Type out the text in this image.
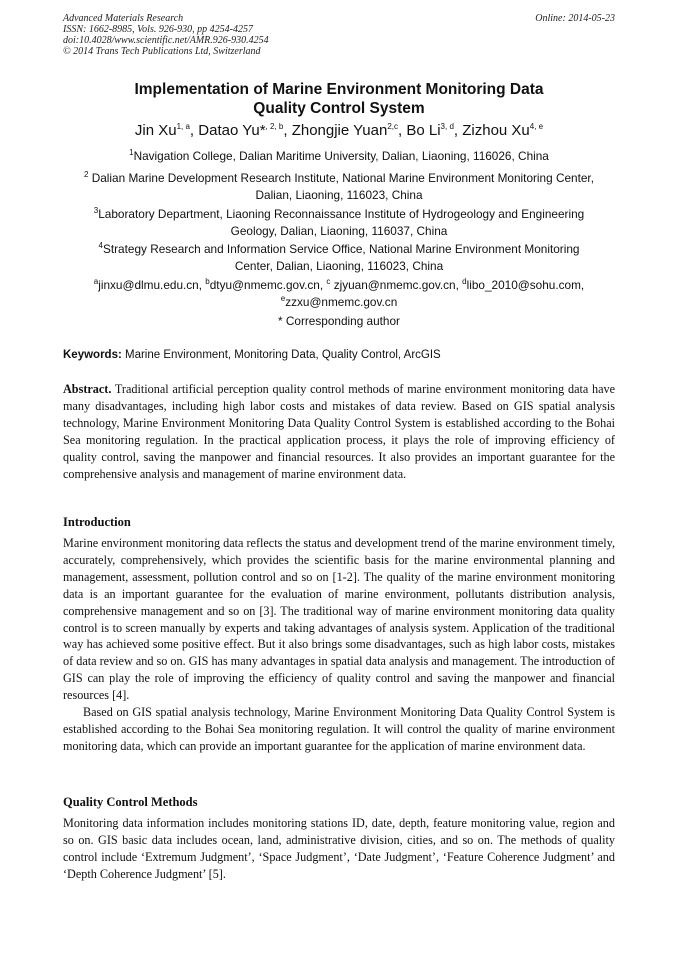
Advanced Materials Research
ISSN: 1662-8985, Vols. 926-930, pp 4254-4257
doi:10.4028/www.scientific.net/AMR.926-930.4254
© 2014 Trans Tech Publications Ltd, Switzerland
Online: 2014-05-23
Implementation of Marine Environment Monitoring Data
Quality Control System
Jin Xu$^{1, a}$, Datao Yu*$^{, 2, b}$, Zhongjie Yuan$^{2,c}$, Bo Li$^{3, d}$, Zizhou Xu$^{4, e}$
$^1$Navigation College, Dalian Maritime University, Dalian, Liaoning, 116026, China
$^2$ Dalian Marine Development Research Institute, National Marine Environment Monitoring Center,
Dalian, Liaoning, 116023, China
$^3$Laboratory Department, Liaoning Reconnaissance Institute of Hydrogeology and Engineering
Geology, Dalian, Liaoning, 116037, China
$^4$Strategy Research and Information Service Office, National Marine Environment Monitoring
Center, Dalian, Liaoning, 116023, China
$^a$jinxu@dlmu.edu.cn, $^b$dtyu@nmemc.gov.cn, $^c$ zjyuan@nmemc.gov.cn, $^d$libo_2010@sohu.com,
$^e$zzxu@nmemc.gov.cn
* Corresponding author
Keywords: Marine Environment, Monitoring Data, Quality Control, ArcGIS
Abstract. Traditional artificial perception quality control methods of marine environment monitoring data have many disadvantages, including high labor costs and mistakes of data review. Based on GIS spatial analysis technology, Marine Environment Monitoring Data Quality Control System is established according to the Bohai Sea monitoring regulation. In the practical application process, it plays the role of improving efficiency of quality control, saving the manpower and financial resources. It also provides an important guarantee for the comprehensive analysis and management of marine environment data.
Introduction
Marine environment monitoring data reflects the status and development trend of the marine environment timely, accurately, comprehensively, which provides the scientific basis for the marine environmental planning and management, assessment, pollution control and so on [1-2]. The quality of the marine environment monitoring data is an important guarantee for the evaluation of marine environment, pollutants distribution analysis, comprehensive management and so on [3]. The traditional way of marine environment monitoring data quality control is to screen manually by experts and taking advantages of analysis system. Application of the traditional way has achieved some positive effect. But it also brings some disadvantages, such as high labor costs, mistakes of data review and so on. GIS has many advantages in spatial data analysis and management. The introduction of GIS can play the role of improving the efficiency of quality control and saving the manpower and financial resources [4].
Based on GIS spatial analysis technology, Marine Environment Monitoring Data Quality Control System is established according to the Bohai Sea monitoring regulation. It will control the quality of marine environment monitoring data, which can provide an important guarantee for the application of marine environment data.
Quality Control Methods
Monitoring data information includes monitoring stations ID, date, depth, feature monitoring value, region and so on. GIS basic data includes ocean, land, administrative division, cities, and so on. The methods of quality control include ‘Extremum Judgment’, ‘Space Judgment’, ‘Date Judgment’, ‘Feature Coherence Judgment’ and ‘Depth Coherence Judgment’ [5].
